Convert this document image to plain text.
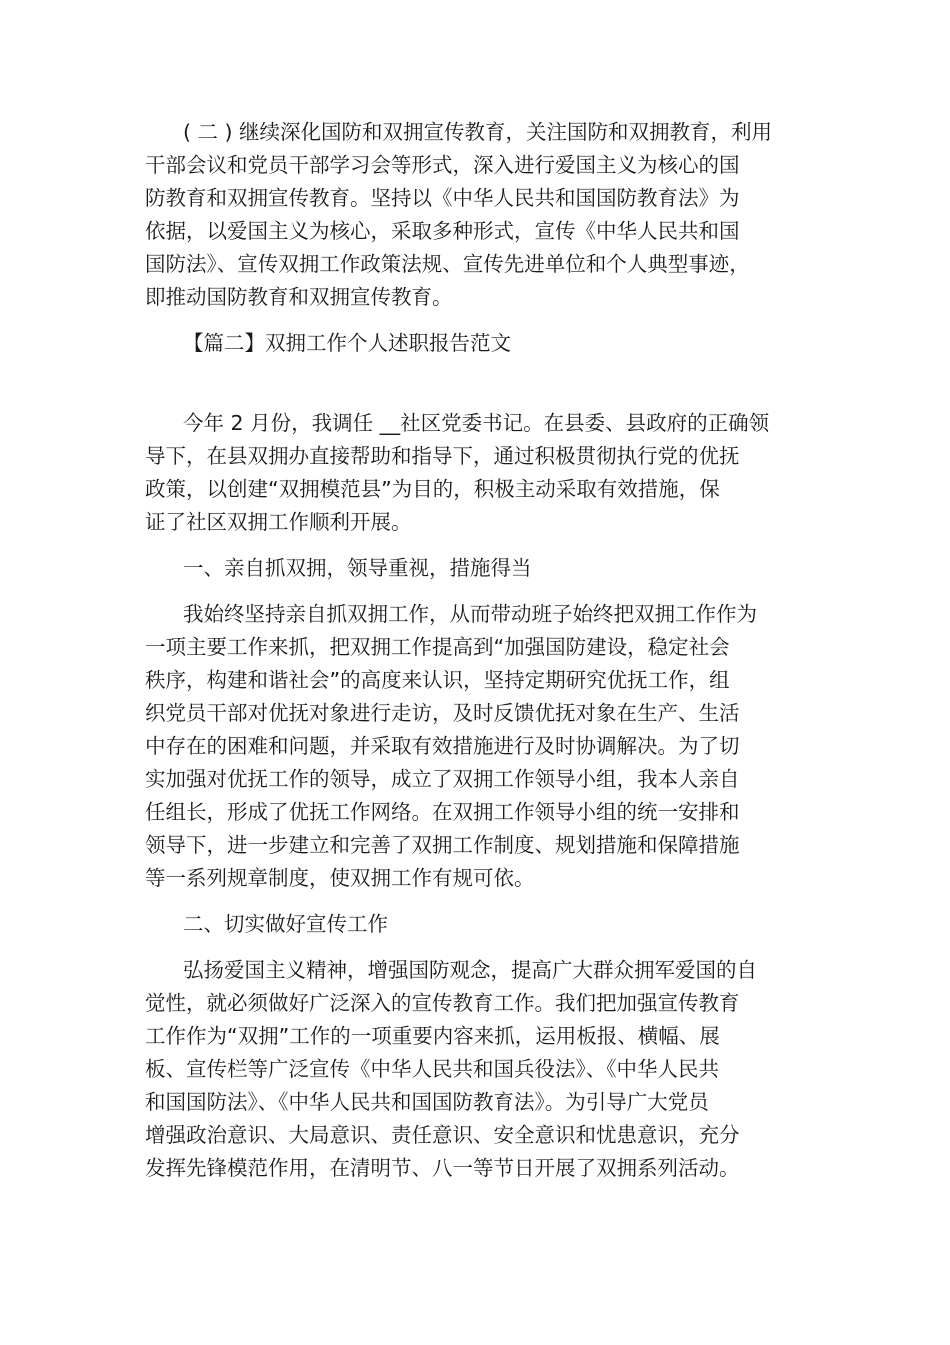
( 二 ) 继续深化国防和双拥宣传教育，关注国防和双拥教育，利用
干部会议和党员干部学习会等形式，深入进行爱国主义为核心的国
防教育和双拥宣传教育。坚持以《中华人民共和国国防教育法》为
依据，以爱国主义为核心，采取多种形式，宣传《中华人民共和国
国防法》、宣传双拥工作政策法规、宣传先进单位和个人典型事迹，
即推动国防教育和双拥宣传教育。
【篇二】双拥工作个人述职报告范文
今年 2 月份，我调任 __社区党委书记。在县委、县政府的正确领
导下，在县双拥办直接帮助和指导下，通过积极贯彻执行党的优抚
政策，以创建“双拥模范县”为目的，积极主动采取有效措施，保
证了社区双拥工作顺利开展。
一、亲自抓双拥，领导重视，措施得当
我始终坚持亲自抓双拥工作，从而带动班子始终把双拥工作作为
一项主要工作来抓，把双拥工作提高到“加强国防建设，稳定社会
秩序，构建和谐社会”的高度来认识，坚持定期研究优抚工作，组
织党员干部对优抚对象进行走访，及时反馈优抚对象在生产、生活
中存在的困难和问题，并采取有效措施进行及时协调解决。为了切
实加强对优抚工作的领导，成立了双拥工作领导小组，我本人亲自
任组长，形成了优抚工作网络。在双拥工作领导小组的统一安排和
领导下，进一步建立和完善了双拥工作制度、规划措施和保障措施
等一系列规章制度，使双拥工作有规可依。
二、切实做好宣传工作
弘扬爱国主义精神，增强国防观念，提高广大群众拥军爱国的自
觉性，就必须做好广泛深入的宣传教育工作。我们把加强宣传教育
工作作为“双拥”工作的一项重要内容来抓，运用板报、横幅、展
板、宣传栏等广泛宣传《中华人民共和国兵役法》、《中华人民共
和国国防法》、《中华人民共和国国防教育法》。为引导广大党员
增强政治意识、大局意识、责任意识、安全意识和忧患意识，充分
发挥先锋模范作用，在清明节、八一等节日开展了双拥系列活动。
